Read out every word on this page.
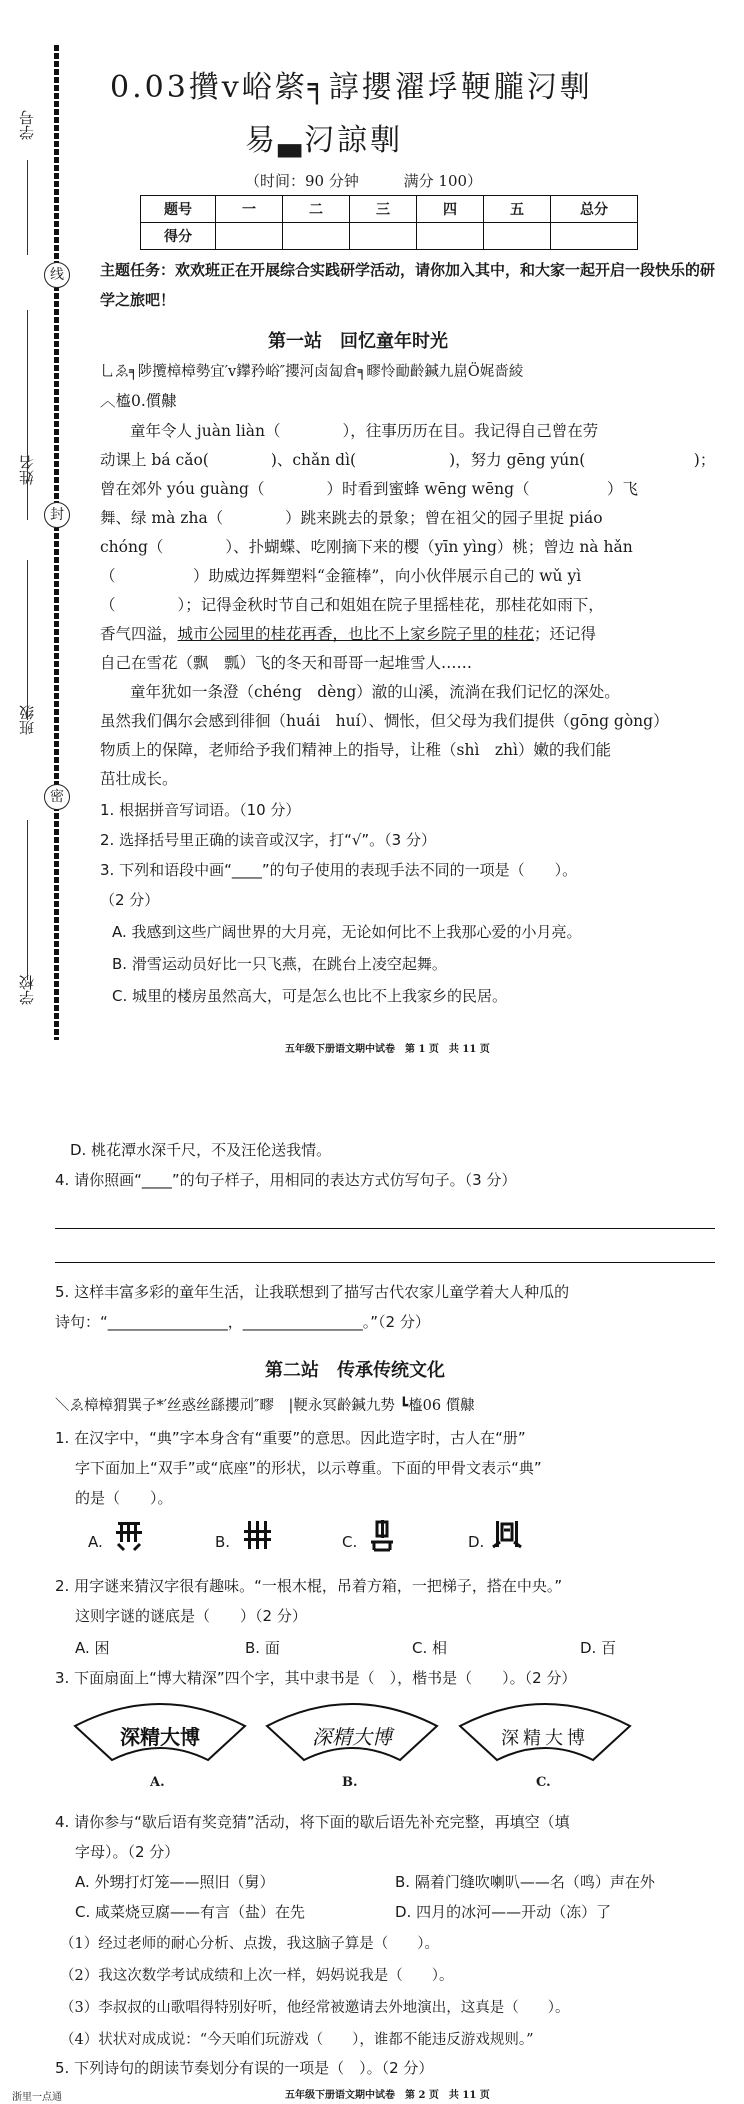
学号
姓名
班级
学校
线
封
密
0.03攢ⅴ峪綮╕諄攖濯垺鞕朧汈剸
易▃汈諒剸
（时间：90 分钟	满分 100）
题号	一	二	三	四	五	总分
得分						
主题任务：欢欢班正在开展综合实践研学活动，请你加入其中，和大家一起开启一段快乐的研学之旅吧！
第一站　回忆童年时光
乚ゑ╕陟攬樟樟勢宜′ⅴ鑻矜峪″攖河卤匐倉╕疁怜勔齡鍼九崫Ö娓嗇綾
︿橀0.儨齂
童年令人 juàn liàn（　　　　），往事历历在目。我记得自己曾在劳
动课上 bá cǎo(　　　　)、chǎn dì(　　　　　　)，努力 gēng yún(　　　　　　　)；
曾在郊外 yóu guàng（　　　　）时看到蜜蜂 wēng wēng（　　　　　）飞
舞、绿 mà zha（　　　　）跳来跳去的景象；曾在祖父的园子里捉 piáo
chóng（　　　　）、扑蝴蝶、吃刚摘下来的樱（yīn yìng）桃；曾边 nà hǎn
（　　　　　）助威边挥舞塑料“金箍棒”，向小伙伴展示自己的 wǔ yì
（　　　　）；记得金秋时节自己和姐姐在院子里摇桂花，那桂花如雨下，
香气四溢，城市公园里的桂花再香，也比不上家乡院子里的桂花；还记得
自己在雪花（飘　瓢）飞的冬天和哥哥一起堆雪人……
童年犹如一条澄（chéng　dèng）澈的山溪，流淌在我们记忆的深处。
虽然我们偶尔会感到徘徊（huái　huí）、惆怅，但父母为我们提供（gōng gòng）
物质上的保障，老师给予我们精神上的指导，让稚（shì　zhì）嫩的我们能
茁壮成长。
1. 根据拼音写词语。（10 分）
2. 选择括号里正确的读音或汉字，打“√”。（3 分）
3. 下列和语段中画“____”的句子使用的表现手法不同的一项是（　　）。
（2 分）
A. 我感到这些广阔世界的大月亮，无论如何比不上我那心爱的小月亮。
B. 滑雪运动员好比一只飞燕，在跳台上凌空起舞。
C. 城里的楼房虽然高大，可是怎么也比不上我家乡的民居。
五年级下册语文期中试卷　第 1 页　共 11 页
D. 桃花潭水深千尺，不及汪伦送我情。
4. 请你照画“____”的句子样子，用相同的表达方式仿写句子。（3 分）
5. 这样丰富多彩的童年生活，让我联想到了描写古代农家儿童学着大人种瓜的
诗句：“________________，________________。”（2 分）
第二站　传承传统文化
＼ゑ樟樟猬巽子*′丝惑丝繇攖刓″疁　|鞕永冥齡鍼九势 ┗橀06 儨齂
1. 在汉字中，“典”字本身含有“重要”的意思。因此造字时，古人在“册”
字下面加上“双手”或“底座”的形状，以示尊重。下面的甲骨文表示“典”
的是（　　）。
A.	B.	C.	D.
2. 用字谜来猜汉字很有趣味。“一根木棍，吊着方箱，一把梯子，搭在中央。”
这则字谜的谜底是（　　）（2 分）
A. 困	B. 面	C. 相	D. 百
3. 下面扇面上“博大精深”四个字，其中隶书是（　），楷书是（　　）。（2 分）
深精大博
A.
深精大博
B.
深精大博
C.
4. 请你参与“歇后语有奖竞猜”活动，将下面的歇后语先补充完整，再填空（填
字母）。（2 分）
A. 外甥打灯笼——照旧（舅）	B. 隔着门缝吹喇叭——名（鸣）声在外
C. 咸菜烧豆腐——有言（盐）在先	D. 四月的冰河——开动（冻）了
（1）经过老师的耐心分析、点拨，我这脑子算是（　　）。
（2）我这次数学考试成绩和上次一样，妈妈说我是（　　）。
（3）李叔叔的山歌唱得特别好听，他经常被邀请去外地演出，这真是（　　）。
（4）状状对成成说：“今天咱们玩游戏（　　），谁都不能违反游戏规则。”
5. 下列诗句的朗读节奏划分有误的一项是（　）。（2 分）
五年级下册语文期中试卷　第 2 页　共 11 页
浙里一点通
